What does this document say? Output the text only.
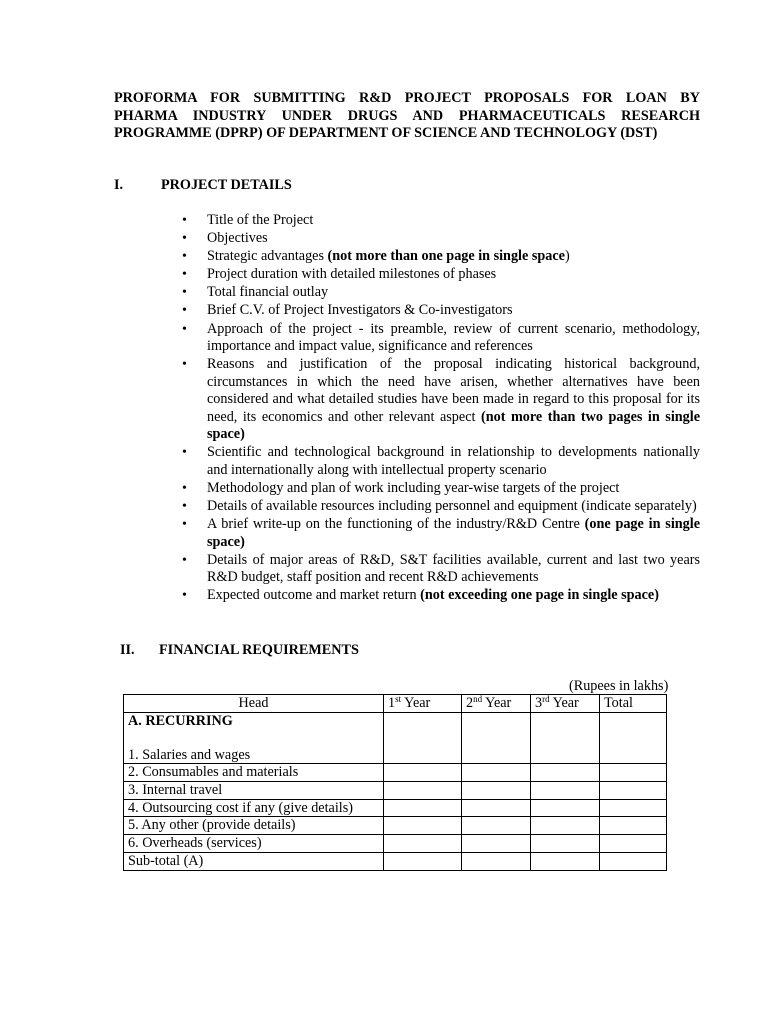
PROFORMA FOR SUBMITTING R&D PROJECT PROPOSALS FOR LOAN BY
PHARMA INDUSTRY UNDER DRUGS AND PHARMACEUTICALS RESEARCH

PROGRAMME (DPRP) OF DEPARTMENT OF SCIENCE AND TECHNOLOGY (DST)
I.	PROJECT DETAILS
• Title of the Project
• Objectives
• Strategic advantages (not more than one page in single space)
• Project duration with detailed milestones of phases
• Total financial outlay
• Brief C.V. of Project Investigators & Co-investigators
• Approach of the project - its preamble, review of current scenario, methodology, importance and impact value, significance and references
• Reasons and justification of the proposal indicating historical background, circumstances in which the need have arisen, whether alternatives have been considered and what detailed studies have been made in regard to this proposal for its need, its economics and other relevant aspect (not more than two pages in single space)
• Scientific and technological background in relationship to developments nationally and internationally along with intellectual property scenario
• Methodology and plan of work including year-wise targets of the project
• Details of available resources including personnel and equipment (indicate separately)
• A brief write-up on the functioning of the industry/R&D Centre (one page in single space)
• Details of major areas of R&D, S&T facilities available, current and last two years R&D budget, staff position and recent R&D achievements
• Expected outcome and market return (not exceeding one page in single space)
II. FINANCIAL REQUIREMENTS
(Rupees in lakhs)
Head	1st Year	2nd Year	3rd Year	Total

A. RECURRING
1. Salaries and wages				
2. Consumables and materials				
3. Internal travel				
4. Outsourcing cost if any (give details)				
5. Any other (provide details)				
6. Overheads (services)				
Sub-total (A)				
